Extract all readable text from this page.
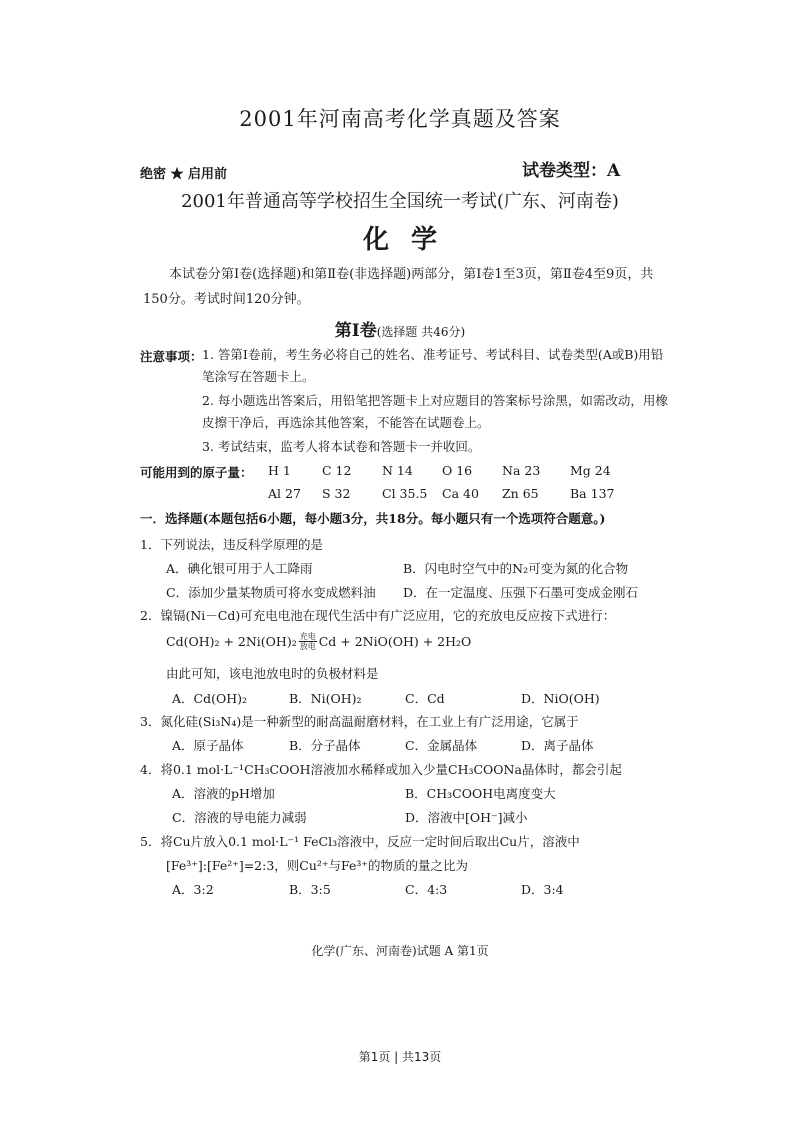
2001年河南高考化学真题及答案
绝密 ★ 启用前	试卷类型：A
2001年普通高等学校招生全国统一考试(广东、河南卷)
化学
本试卷分第Ⅰ卷(选择题)和第Ⅱ卷(非选择题)两部分，第Ⅰ卷1至3页，第Ⅱ卷4至9页，共150分。考试时间120分钟。
第Ⅰ卷(选择题 共46分)
注意事项： 1. 答第Ⅰ卷前，考生务必将自己的姓名、准考证号、考试科目、试卷类型(A或B)用铅笔涂写在答题卡上。
2. 每小题选出答案后，用铅笔把答题卡上对应题目的答案标号涂黑，如需改动，用橡皮擦干净后，再选涂其他答案，不能答在试题卷上。
3. 考试结束，监考人将本试卷和答题卡一并收回。
可能用到的原子量： H 1 C 12 N 14 O 16 Na 23 Mg 24
Al 27 S 32	Cl 35.5 Ca 40 Zn 65	Ba 137
一．选择题(本题包括6小题，每小题3分，共18分。每小题只有一个选项符合题意。)
1．下列说法，违反科学原理的是
A．碘化银可用于人工降雨	B．闪电时空气中的N₂可变为氮的化合物
C．添加少量某物质可将水变成燃料油 D．在一定温度、压强下石墨可变成金刚石
2．镍镉(Ni－Cd)可充电电池在现代生活中有广泛应用，它的充放电反应按下式进行：
$Cd(OH)_2 + 2Ni(OH)_2 \frac{\text{充电}}{\text{放电}}$ Cd + 2NiO(OH) + 2H₂O
由此可知，该电池放电时的负极材料是
A．Cd(OH)₂	B．Ni(OH)₂	C．Cd	D．NiO(OH)
3．氮化硅(Si₃N₄)是一种新型的耐高温耐磨材料，在工业上有广泛用途，它属于
A．原子晶体	B．分子晶体	C．金属晶体	D．离子晶体
4．将0.1 mol·L⁻¹CH₃COOH溶液加水稀释或加入少量CH₃COONa晶体时，都会引起
A．溶液的pH增加	B．CH₃COOH电离度变大
C．溶液的导电能力减弱	D．溶液中[OH⁻]减小
5．将Cu片放入0.1 mol·L⁻¹ FeCl₃溶液中，反应一定时间后取出Cu片，溶液中
[Fe³⁺]:[Fe²⁺]=2:3，则Cu²⁺与Fe³⁺的物质的量之比为
A．3:2	B．3:5	C．4:3	D．3:4
化学(广东、河南卷)试题 A 第1页
第1页 | 共13页
